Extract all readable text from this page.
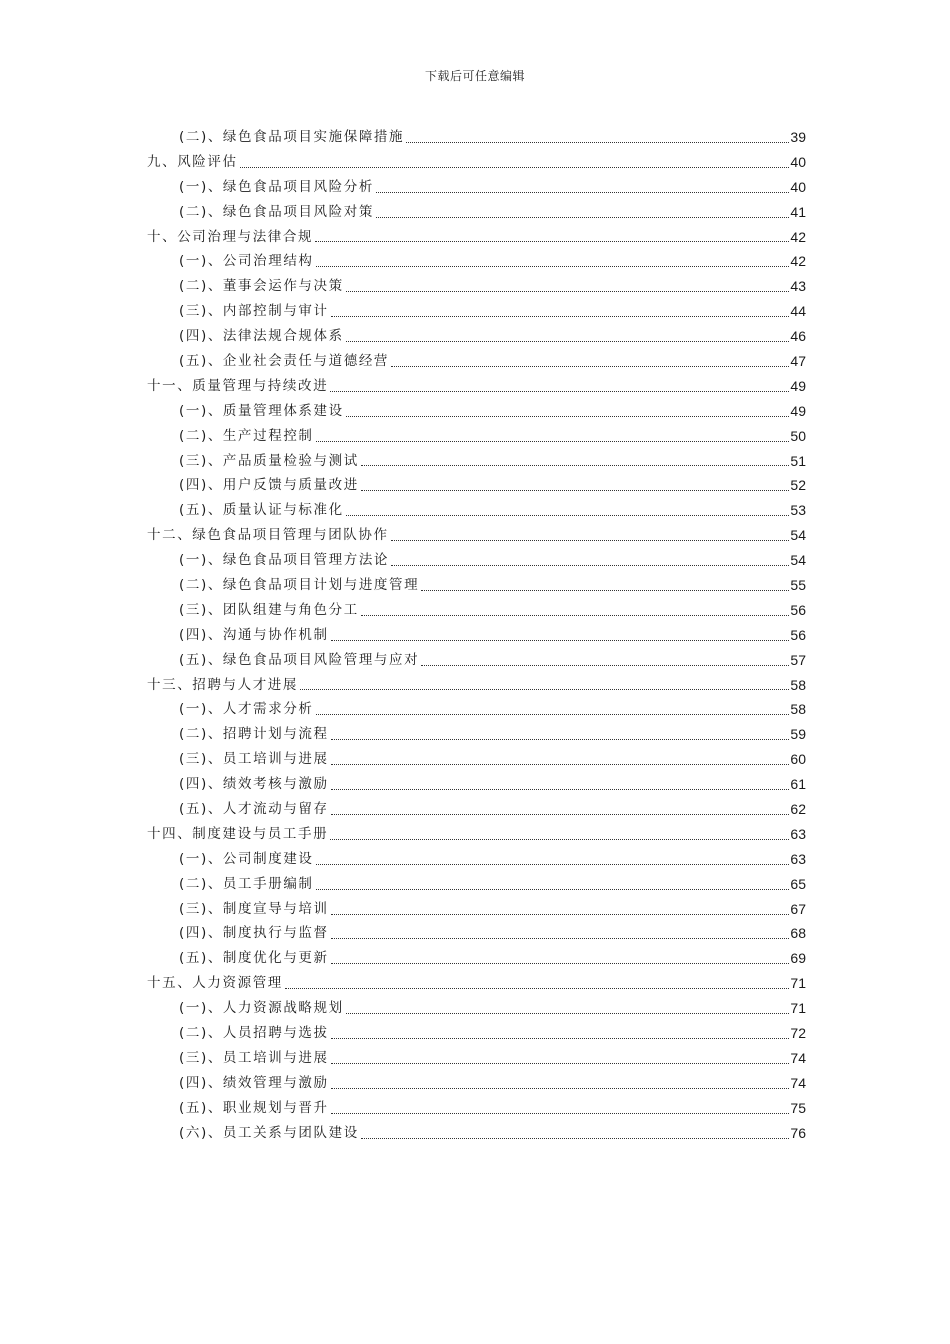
下载后可任意编辑
(二)、绿色食品项目实施保障措施	39
九、风险评估	40
(一)、绿色食品项目风险分析	40
(二)、绿色食品项目风险对策	41
十、公司治理与法律合规	42
(一)、公司治理结构	42
(二)、董事会运作与决策	43
(三)、内部控制与审计	44
(四)、法律法规合规体系	46
(五)、企业社会责任与道德经营	47
十一、质量管理与持续改进	49
(一)、质量管理体系建设	49
(二)、生产过程控制	50
(三)、产品质量检验与测试	51
(四)、用户反馈与质量改进	52
(五)、质量认证与标准化	53
十二、绿色食品项目管理与团队协作	54
(一)、绿色食品项目管理方法论	54
(二)、绿色食品项目计划与进度管理	55
(三)、团队组建与角色分工	56
(四)、沟通与协作机制	56
(五)、绿色食品项目风险管理与应对	57
十三、招聘与人才进展	58
(一)、人才需求分析	58
(二)、招聘计划与流程	59
(三)、员工培训与进展	60
(四)、绩效考核与激励	61
(五)、人才流动与留存	62
十四、制度建设与员工手册	63
(一)、公司制度建设	63
(二)、员工手册编制	65
(三)、制度宣导与培训	67
(四)、制度执行与监督	68
(五)、制度优化与更新	69
十五、人力资源管理	71
(一)、人力资源战略规划	71
(二)、人员招聘与选拔	72
(三)、员工培训与进展	74
(四)、绩效管理与激励	74
(五)、职业规划与晋升	75
(六)、员工关系与团队建设	76
